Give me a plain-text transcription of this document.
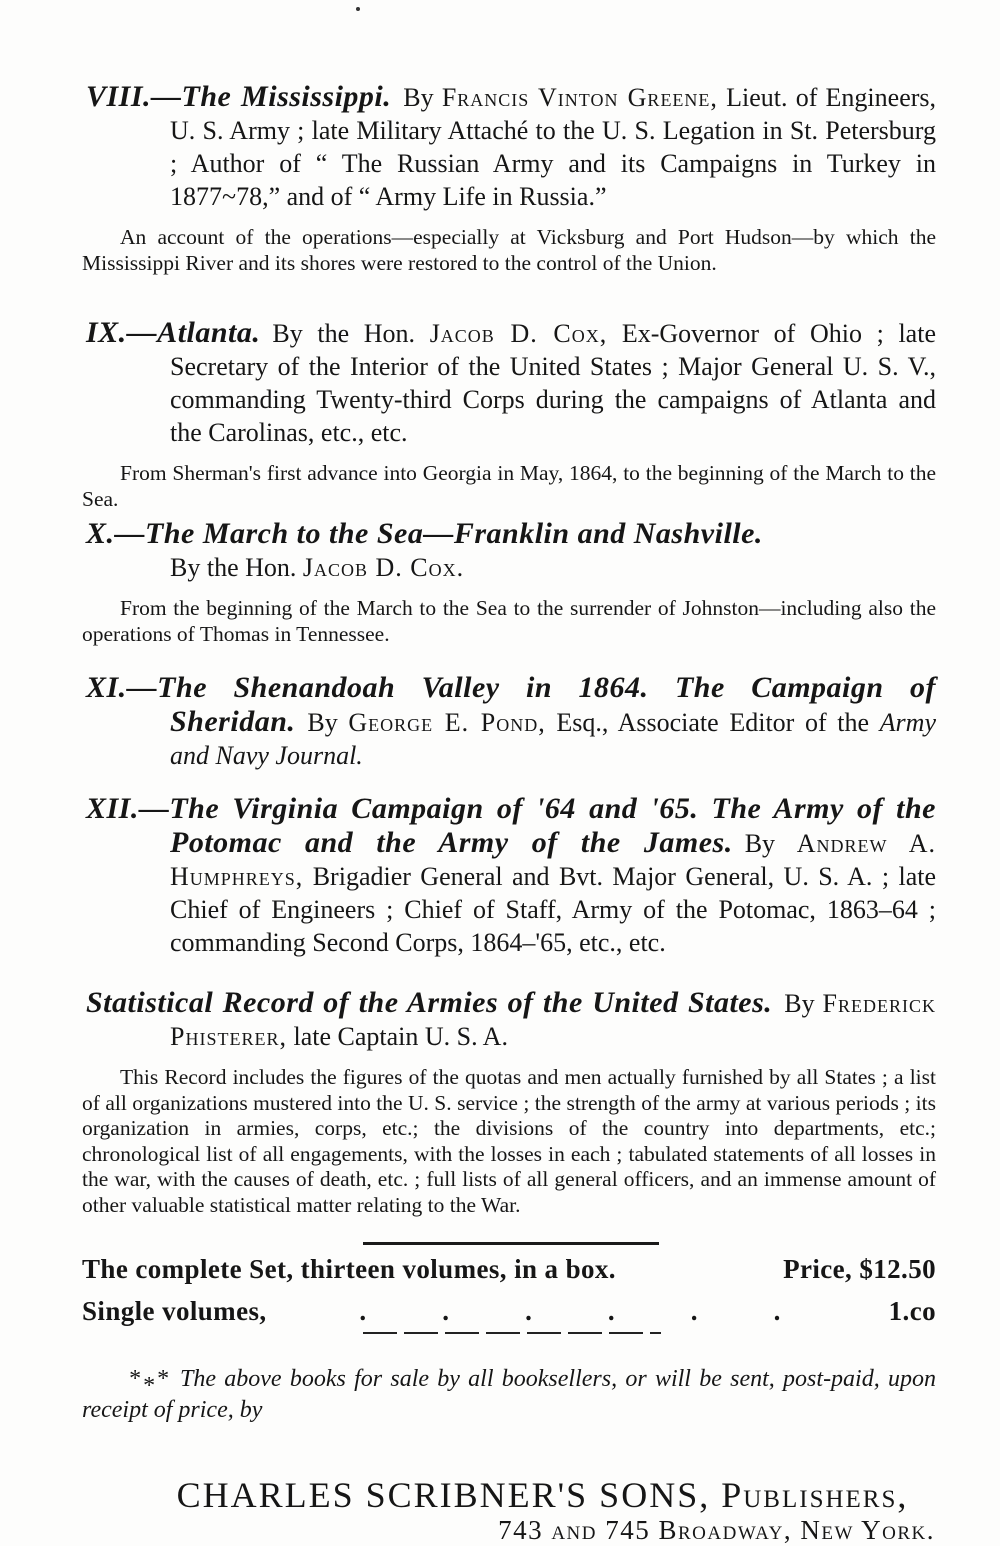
VIII.—The Mississippi. By Francis Vinton Greene, Lieut. of Engineers, U. S. Army ; late Military Attaché to the U. S. Legation in St. Petersburg ; Author of “ The Russian Army and its Campaigns in Turkey in 1877~78,” and of “ Army Life in Russia.”

An account of the operations—especially at Vicksburg and Port Hudson—by which the Mississippi River and its shores were restored to the control of the Union.

IX.—Atlanta. By the Hon. Jacob D. Cox, Ex-Governor of Ohio ; late Secretary of the Interior of the United States ; Major General U. S. V., commanding Twenty-third Corps during the campaigns of Atlanta and the Carolinas, etc., etc.

From Sherman's first advance into Georgia in May, 1864, to the beginning of the March to the Sea.

X.—The March to the Sea—Franklin and Nashville.
By the Hon. Jacob D. Cox.

From the beginning of the March to the Sea to the surrender of Johnston—including also the operations of Thomas in Tennessee.

XI.—The Shenandoah Valley in 1864. The Campaign of Sheridan. By George E. Pond, Esq., Associate Editor of the Army and Navy Journal.

XII.—The Virginia Campaign of '64 and '65. The Army of the Potomac and the Army of the James. By Andrew A. Humphreys, Brigadier General and Bvt. Major General, U. S. A. ; late Chief of Engineers ; Chief of Staff, Army of the Potomac, 1863–64 ; commanding Second Corps, 1864–'65, etc., etc.

Statistical Record of the Armies of the United States. By Frederick Phisterer, late Captain U. S. A.

This Record includes the figures of the quotas and men actually furnished by all States ; a list of all organizations mustered into the U. S. service ; the strength of the army at various periods ; its organization in armies, corps, etc.; the divisions of the country into departments, etc.; chronological list of all engagements, with the losses in each ; tabulated statements of all losses in the war, with the causes of death, etc. ; full lists of all general officers, and an immense amount of other valuable statistical matter relating to the War.

The complete Set, thirteen volumes, in a box.	Price, $12.50
Single volumes,	.	.	.	.	.	.	1.co

*** The above books for sale by all booksellers, or will be sent, post-paid, upon receipt of price, by

CHARLES SCRIBNER'S SONS, Publishers,

743 and 745 Broadway, New York.
